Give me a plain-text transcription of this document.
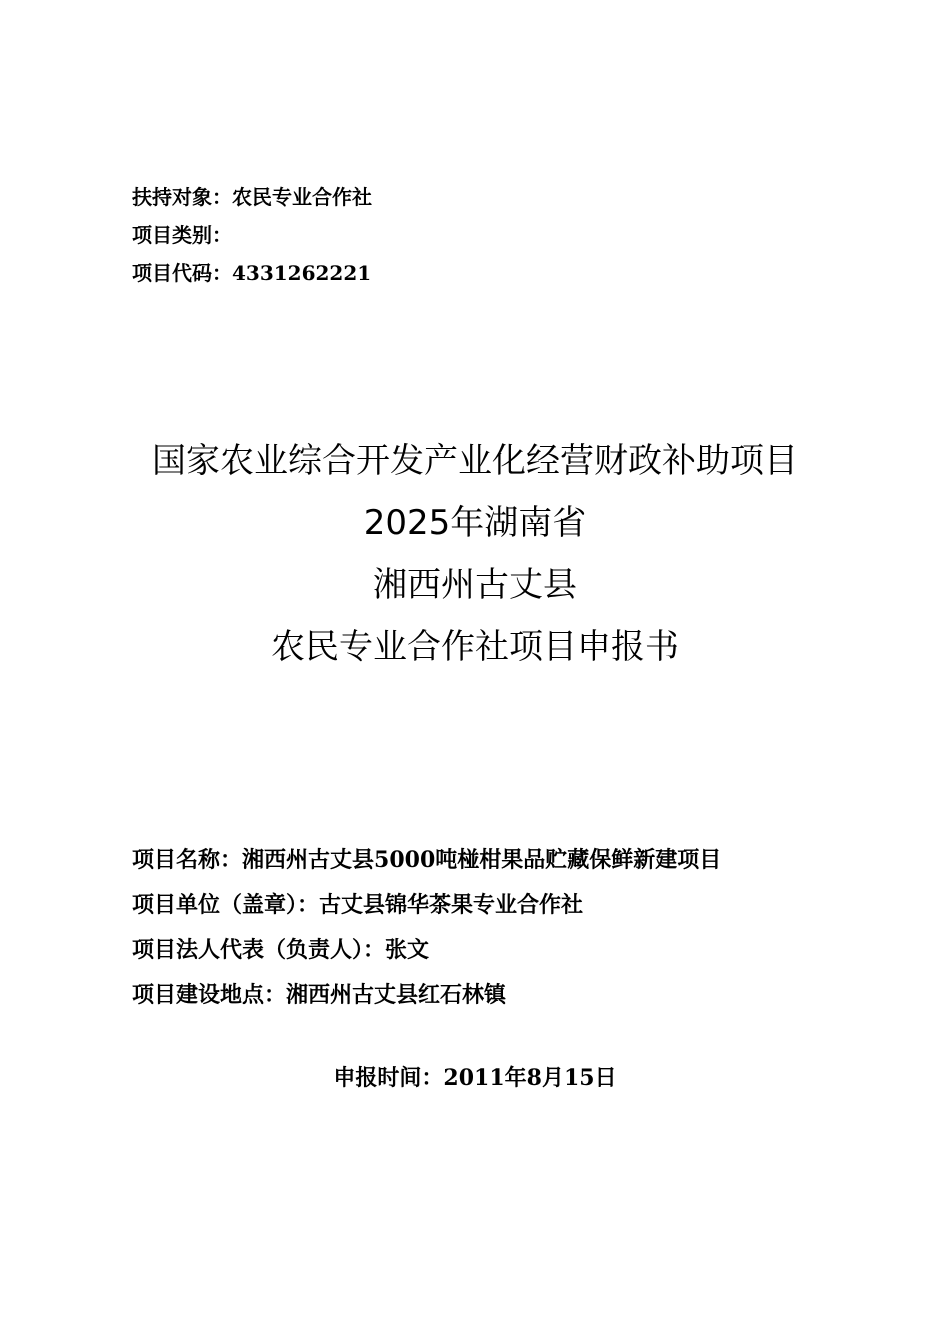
扶持对象：农民专业合作社
项目类别：
项目代码：4331262221
国家农业综合开发产业化经营财政补助项目
2025年湖南省
湘西州古丈县
农民专业合作社项目申报书
项目名称：湘西州古丈县5000吨椪柑果品贮藏保鲜新建项目
项目单位（盖章）：古丈县锦华茶果专业合作社
项目法人代表（负责人）：张文
项目建设地点：湘西州古丈县红石林镇
申报时间：2011年8月15日
